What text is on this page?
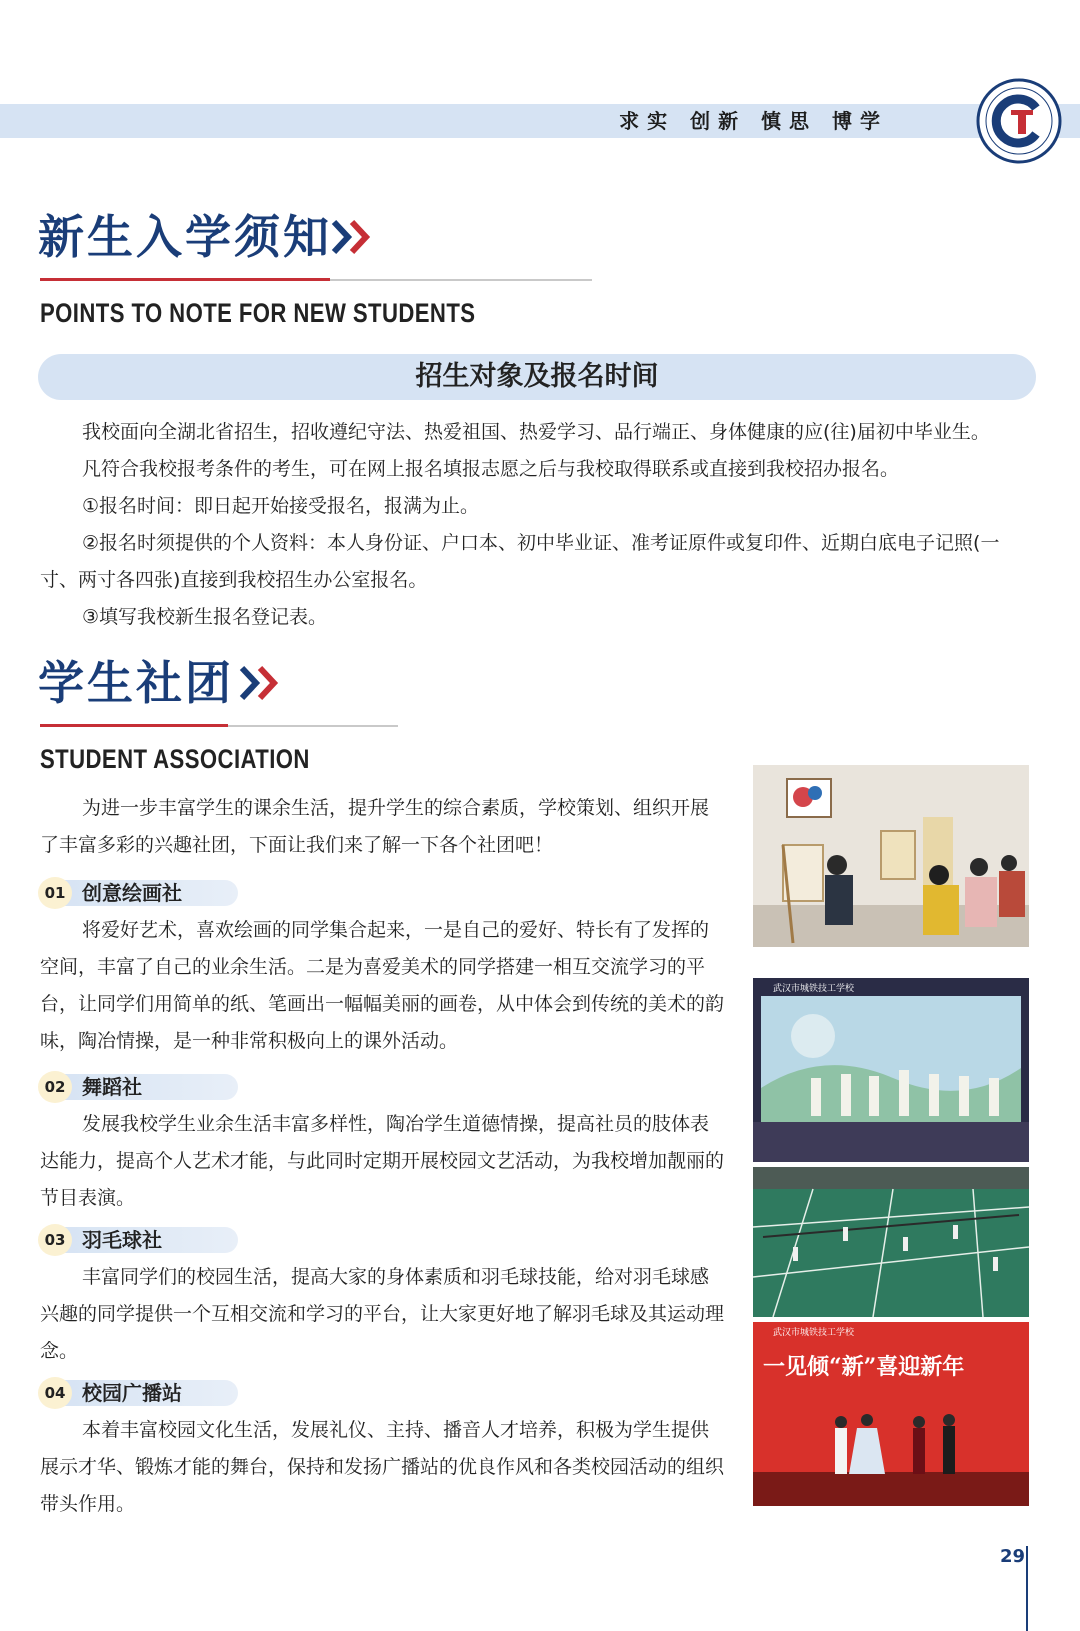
求实 创新 慎思 博学
新生入学须知
POINTS TO NOTE FOR NEW STUDENTS
招生对象及报名时间

我校面向全湖北省招生，招收遵纪守法、热爱祖国、热爱学习、品行端正、身体健康的应(往)届初中毕业生。

凡符合我校报考条件的考生，可在网上报名填报志愿之后与我校取得联系或直接到我校招办报名。

①报名时间：即日起开始接受报名，报满为止。

②报名时须提供的个人资料：本人身份证、户口本、初中毕业证、准考证原件或复印件、近期白底电子记照(一寸、两寸各四张)直接到我校招生办公室报名。

③填写我校新生报名登记表。

学生社团
STUDENT ASSOCIATION

为进一步丰富学生的课余生活，提升学生的综合素质，学校策划、组织开展了丰富多彩的兴趣社团，下面让我们来了解一下各个社团吧！

01 创意绘画社

将爱好艺术，喜欢绘画的同学集合起来，一是自己的爱好、特长有了发挥的空间，丰富了自己的业余生活。二是为喜爱美术的同学搭建一相互交流学习的平台，让同学们用简单的纸、笔画出一幅幅美丽的画卷，从中体会到传统的美术的韵味，陶冶情操，是一种非常积极向上的课外活动。

02 舞蹈社

发展我校学生业余生活丰富多样性，陶冶学生道德情操，提高社员的肢体表达能力，提高个人艺术才能，与此同时定期开展校园文艺活动，为我校增加靓丽的节目表演。

03 羽毛球社

丰富同学们的校园生活，提高大家的身体素质和羽毛球技能，给对羽毛球感兴趣的同学提供一个互相交流和学习的平台，让大家更好地了解羽毛球及其运动理念。

04 校园广播站

本着丰富校园文化生活，发展礼仪、主持、播音人才培养，积极为学生提供展示才华、锻炼才能的舞台，保持和发扬广播站的优良作风和各类校园活动的组织带头作用。

武汉市城铁技工学校
一见倾“新”喜迎新年
武汉市城铁技工学校
29
